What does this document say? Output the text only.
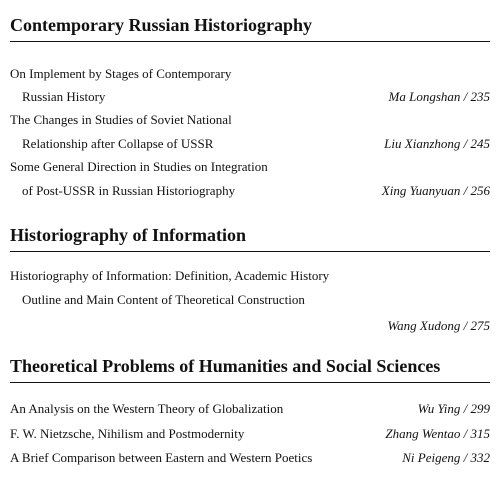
Contemporary Russian Historiography
On Implement by Stages of Contemporary
Russian History	Ma Longshan / 235
The Changes in Studies of Soviet National
Relationship after Collapse of USSR	Liu Xianzhong / 245
Some General Direction in Studies on Integration
of Post-USSR in Russian Historiography	Xing Yuanyuan / 256
Historiography of Information
Historiography of Information: Definition, Academic History
Outline and Main Content of Theoretical Construction
Wang Xudong / 275
Theoretical Problems of Humanities and Social Sciences
An Analysis on the Western Theory of Globalization	Wu Ying / 299
F. W. Nietzsche, Nihilism and Postmodernity	Zhang Wentao / 315
A Brief Comparison between Eastern and Western Poetics	Ni Peigeng / 332
